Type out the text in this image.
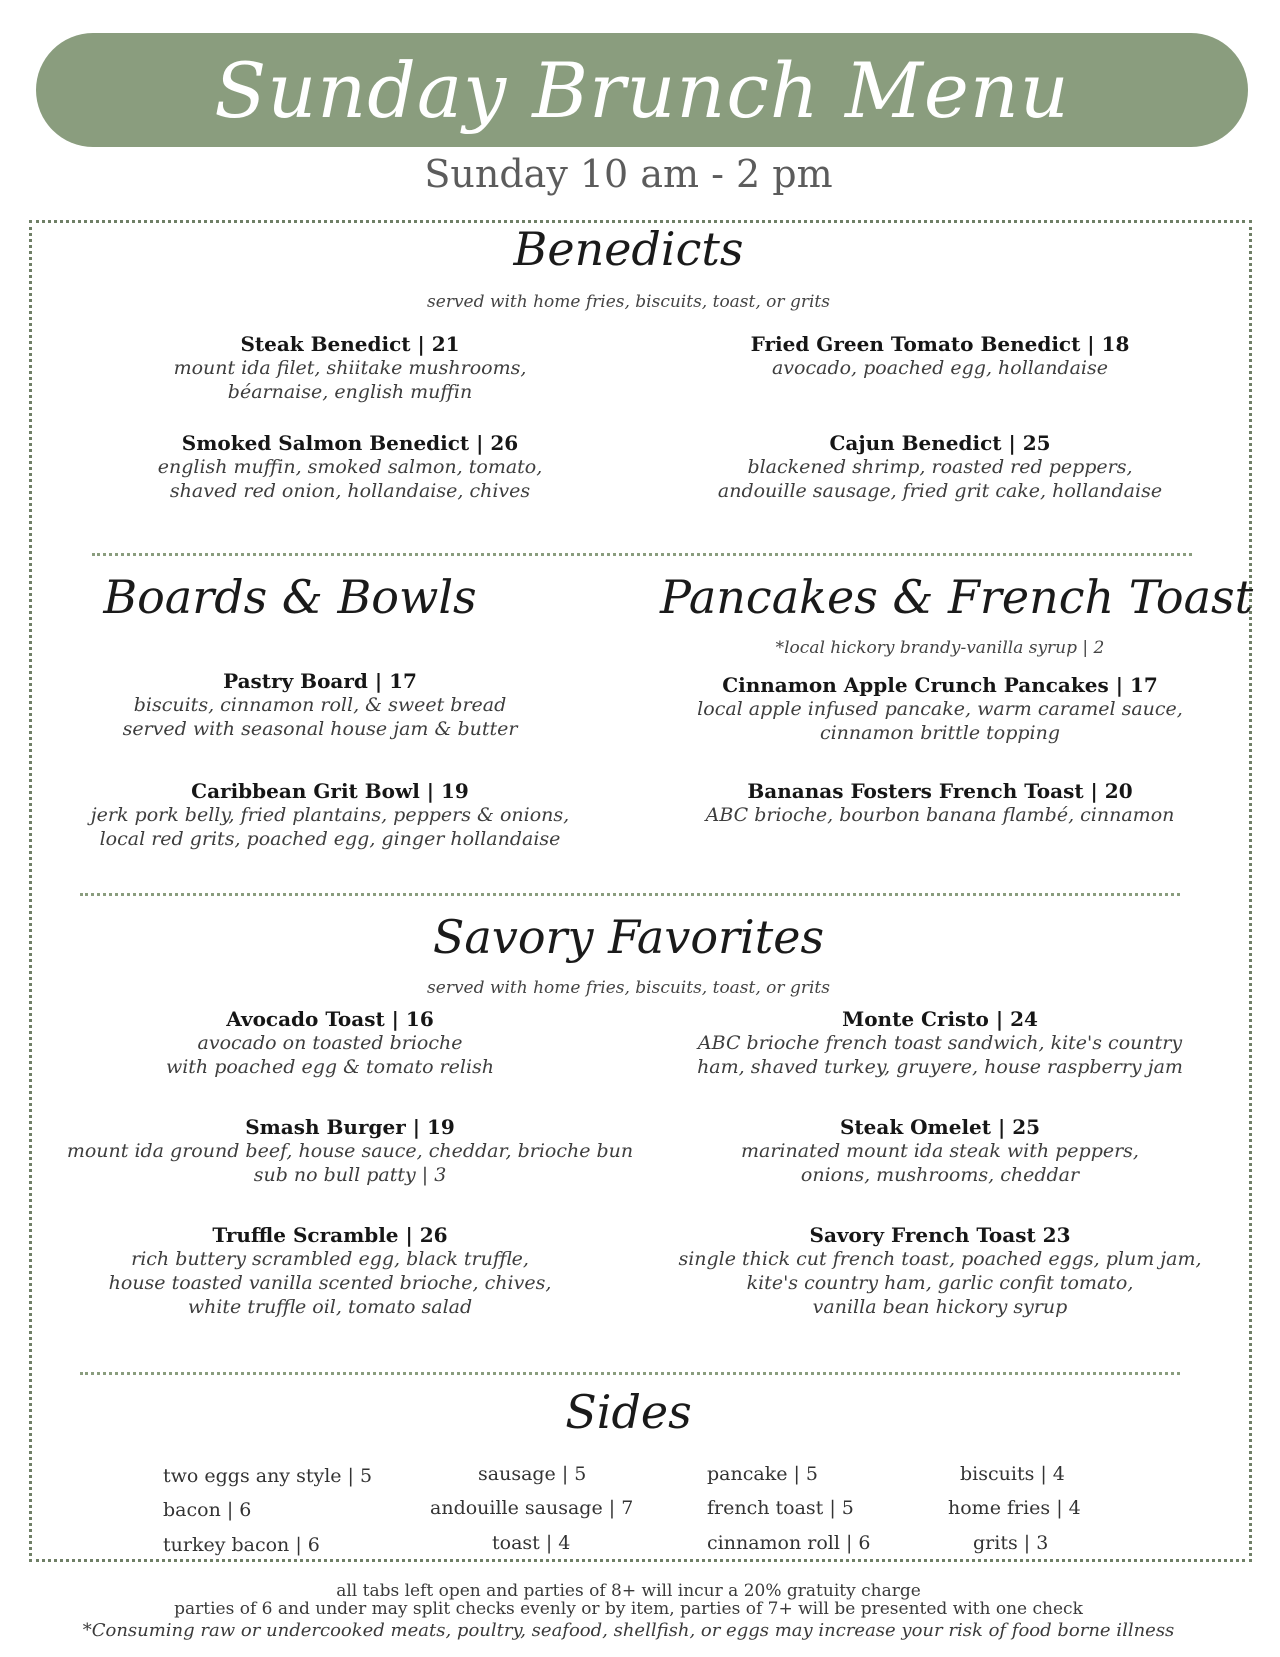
Sunday Brunch Menu
Sunday 10 am - 2 pm
Benedicts
served with home fries, biscuits, toast, or grits
Steak Benedict | 21
mount ida filet, shiitake mushrooms,
béarnaise, english muffin
Fried Green Tomato Benedict | 18
avocado, poached egg, hollandaise
Smoked Salmon Benedict | 26
english muffin, smoked salmon, tomato,
shaved red onion, hollandaise, chives
Cajun Benedict | 25
blackened shrimp, roasted red peppers,
andouille sausage, fried grit cake, hollandaise
Boards & Bowls
Pastry Board | 17
biscuits, cinnamon roll, & sweet bread
served with seasonal house jam & butter
Caribbean Grit Bowl | 19
jerk pork belly, fried plantains, peppers & onions,
local red grits, poached egg, ginger hollandaise
Pancakes & French Toast
*local hickory brandy-vanilla syrup | 2
Cinnamon Apple Crunch Pancakes | 17
local apple infused pancake, warm caramel sauce,
cinnamon brittle topping
Bananas Fosters French Toast | 20
ABC brioche, bourbon banana flambé, cinnamon
Savory Favorites
served with home fries, biscuits, toast, or grits
Avocado Toast | 16
avocado on toasted brioche
with poached egg & tomato relish
Monte Cristo | 24
ABC brioche french toast sandwich, kite's country
ham, shaved turkey, gruyere, house raspberry jam
Smash Burger | 19
mount ida ground beef, house sauce, cheddar, brioche bun
sub no bull patty | 3
Steak Omelet | 25
marinated mount ida steak with peppers,
onions, mushrooms, cheddar
Truffle Scramble | 26
rich buttery scrambled egg, black truffle,
house toasted vanilla scented brioche, chives,
white truffle oil, tomato salad
Savory French Toast 23
single thick cut french toast, poached eggs, plum jam,
kite's country ham, garlic confit tomato,
vanilla bean hickory syrup
Sides
two eggs any style | 5	sausage | 5	pancake | 5	biscuits | 4
bacon | 6	andouille sausage | 7	french toast | 5	home fries | 4
turkey bacon | 6	toast | 4	cinnamon roll | 6	grits | 3
all tabs left open and parties of 8+ will incur a 20% gratuity charge
parties of 6 and under may split checks evenly or by item, parties of 7+ will be presented with one check
*Consuming raw or undercooked meats, poultry, seafood, shellfish, or eggs may increase your risk of food borne illness
